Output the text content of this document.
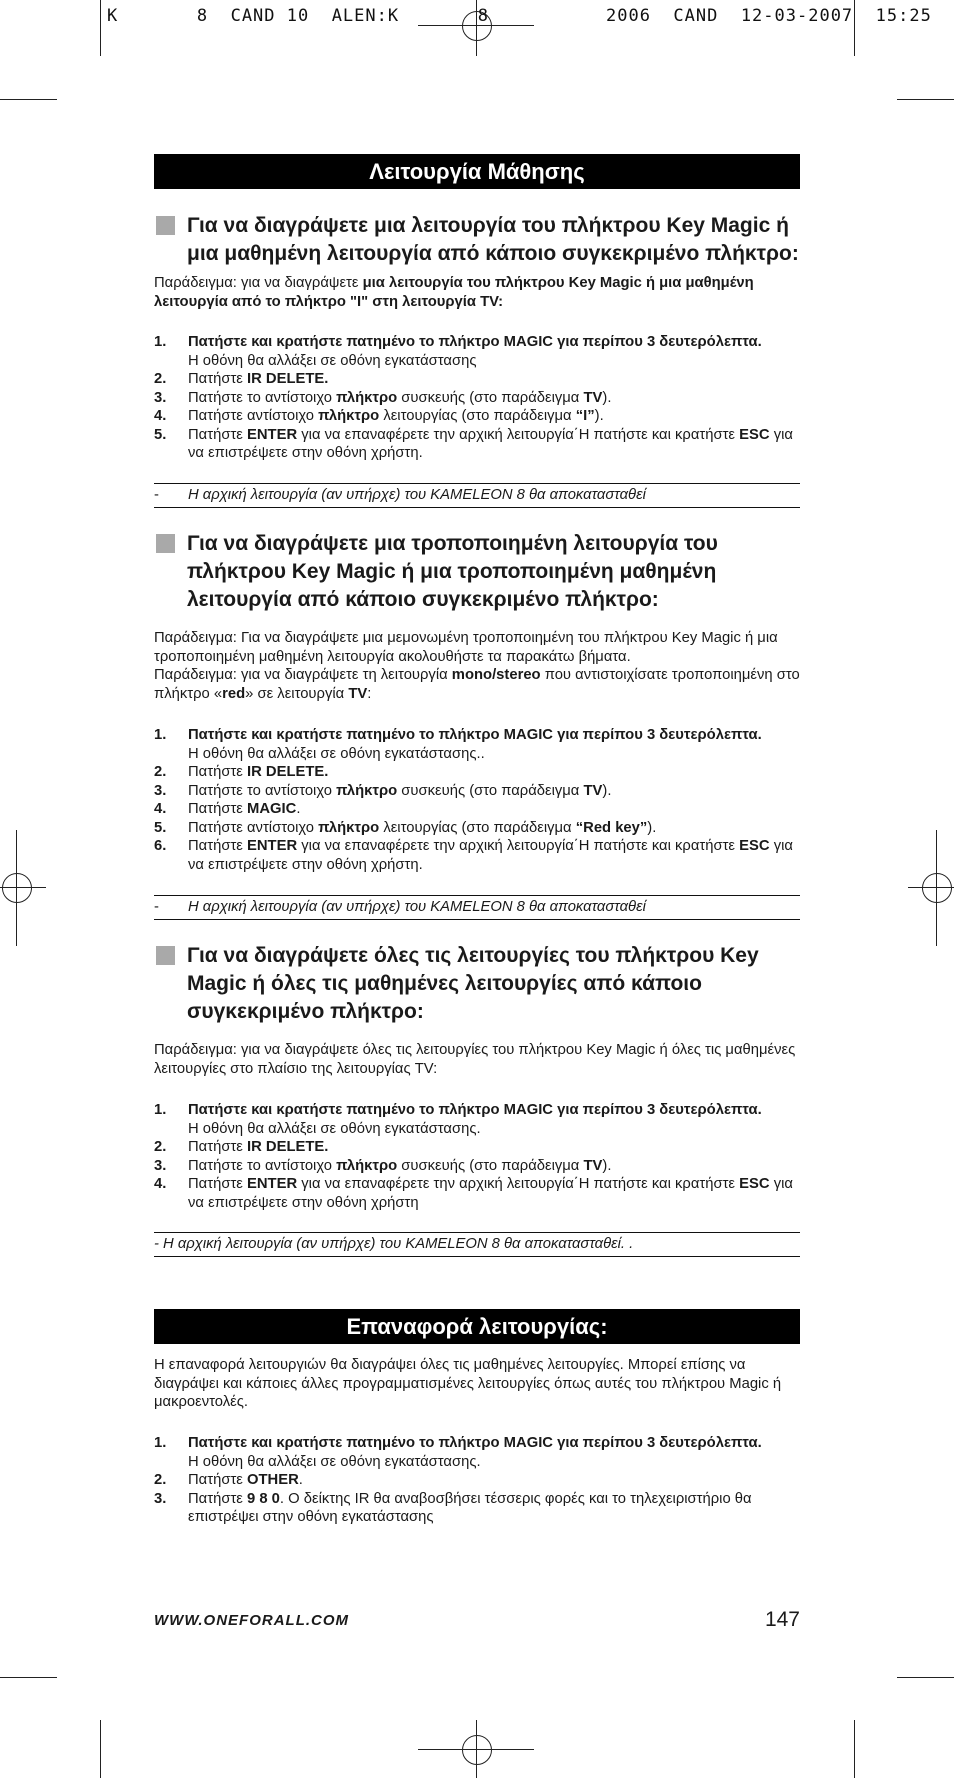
K       8  CAND 10  ALEN:K       8	2006  CAND  12-03-2007  15:25
Λειτουργία Μάθησης
Για να διαγράψετε μια λειτουργία του πλήκτρου Key Magic ή μια μαθημένη λειτουργία από κάποιο συγκεκριμένο πλήκτρο:
Παράδειγμα: για να διαγράψετε μια λειτουργία του πλήκτρου Key Magic ή μια μαθημένη λειτουργία από το πλήκτρο "I" στη λειτουργία TV:
1. Πατήστε και κρατήστε πατημένο το πλήκτρο MAGIC για περίπου 3 δευτερόλεπτα.
Η οθόνη θα αλλάξει σε οθόνη εγκατάστασης
2. Πατήστε IR DELETE.
3. Πατήστε το αντίστοιχο πλήκτρο συσκευής (στο παράδειγμα TV).
4. Πατήστε αντίστοιχο πλήκτρο λειτουργίας (στο παράδειγμα “I”).
5. Πατήστε ENTER για να επαναφέρετε την αρχική λειτουργία΄Η πατήστε και κρατήστε ESC για να επιστρέψετε στην οθόνη χρήστη.
- Η αρχική λειτουργία (αν υπήρχε) του KAMELEON 8 θα αποκατασταθεί
Για να διαγράψετε μια τροποποιημένη λειτουργία του πλήκτρου Key Magic ή μια τροποποιημένη μαθημένη λειτουργία από κάποιο συγκεκριμένο πλήκτρο:
Παράδειγμα: Για να διαγράψετε μια μεμονωμένη τροποποιημένη του πλήκτρου Key Magic ή μια τροποποιημένη μαθημένη λειτουργία ακολουθήστε τα παρακάτω βήματα.
Παράδειγμα: για να διαγράψετε τη λειτουργία mono/stereo που αντιστοιχίσατε τροποποιημένη στο πλήκτρο «red» σε λειτουργία TV:
1. Πατήστε και κρατήστε πατημένο το πλήκτρο MAGIC για περίπου 3 δευτερόλεπτα.
Η οθόνη θα αλλάξει σε οθόνη εγκατάστασης..
2. Πατήστε IR DELETE.
3. Πατήστε το αντίστοιχο πλήκτρο συσκευής (στο παράδειγμα TV).
4. Πατήστε MAGIC.
5. Πατήστε αντίστοιχο πλήκτρο λειτουργίας (στο παράδειγμα “Red key”).
6. Πατήστε ENTER για να επαναφέρετε την αρχική λειτουργία΄Η πατήστε και κρατήστε ESC για να επιστρέψετε στην οθόνη χρήστη.
- Η αρχική λειτουργία (αν υπήρχε) του KAMELEON 8 θα αποκατασταθεί
Για να διαγράψετε όλες τις λειτουργίες του πλήκτρου Key Magic ή όλες τις μαθημένες λειτουργίες από κάποιο συγκεκριμένο πλήκτρο:
Παράδειγμα: για να διαγράψετε όλες τις λειτουργίες του πλήκτρου Key Magic ή όλες τις μαθημένες λειτουργίες στο πλαίσιο της λειτουργίας TV:
1. Πατήστε και κρατήστε πατημένο το πλήκτρο MAGIC για περίπου 3 δευτερόλεπτα.
Η οθόνη θα αλλάξει σε οθόνη εγκατάστασης.
2. Πατήστε IR DELETE.
3. Πατήστε το αντίστοιχο πλήκτρο συσκευής (στο παράδειγμα TV).
4. Πατήστε ENTER για να επαναφέρετε την αρχική λειτουργία΄Η πατήστε και κρατήστε ESC για να επιστρέψετε στην οθόνη χρήστη
- Η αρχική λειτουργία (αν υπήρχε) του KAMELEON 8 θα αποκατασταθεί. .
Επαναφορά λειτουργίας:
Η επαναφορά λειτουργιών θα διαγράψει όλες τις μαθημένες λειτουργίες. Μπορεί επίσης να διαγράψει και κάποιες άλλες προγραμματισμένες λειτουργίες όπως αυτές του πλήκτρου Magic ή μακροεντολές.
1. Πατήστε και κρατήστε πατημένο το πλήκτρο MAGIC για περίπου 3 δευτερόλεπτα.
Η οθόνη θα αλλάξει σε οθόνη εγκατάστασης.
2. Πατήστε OTHER.
3. Πατήστε 9 8 0. Ο δείκτης IR θα αναβοσβήσει τέσσερις φορές και το τηλεχειριστήριο θα επιστρέψει στην οθόνη εγκατάστασης
WWW.ONEFORALL.COM	147
